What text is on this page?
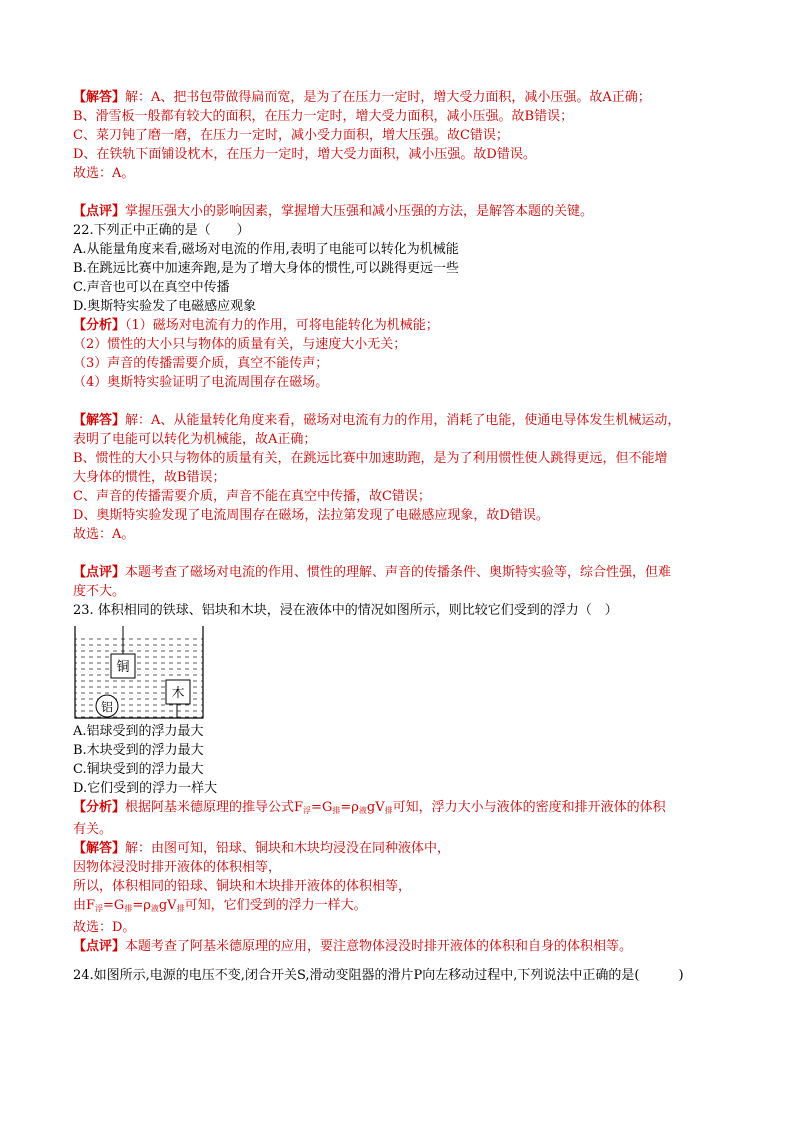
【解答】解：A、把书包带做得扁而宽，是为了在压力一定时，增大受力面积，减小压强。故A正确；
B、滑雪板一般都有较大的面积，在压力一定时，增大受力面积，减小压强。故B错误；
C、菜刀钝了磨一磨，在压力一定时，减小受力面积，增大压强。故C错误；
D、在铁轨下面铺设枕木，在压力一定时，增大受力面积，减小压强。故D错误。
故选：A。
【点评】掌握压强大小的影响因素，掌握增大压强和减小压强的方法，是解答本题的关键。
22.下列正中正确的是（　　）
A.从能量角度来看,磁场对电流的作用,表明了电能可以转化为机械能
B.在跳远比赛中加速奔跑,是为了增大身体的惯性,可以跳得更远一些
C.声音也可以在真空中传播
D.奥斯特实验发了电磁感应观象
【分析】（1）磁场对电流有力的作用，可将电能转化为机械能；
（2）惯性的大小只与物体的质量有关，与速度大小无关；
（3）声音的传播需要介质，真空不能传声；
（4）奥斯特实验证明了电流周围存在磁场。
【解答】解：A、从能量转化角度来看，磁场对电流有力的作用，消耗了电能，使通电导体发生机械运动，
表明了电能可以转化为机械能，故A正确；
B、惯性的大小只与物体的质量有关，在跳远比赛中加速助跑，是为了利用惯性使人跳得更远，但不能增
大身体的惯性，故B错误；
C、声音的传播需要介质，声音不能在真空中传播，故C错误；
D、奥斯特实验发现了电流周围存在磁场，法拉第发现了电磁感应现象，故D错误。
故选：A。
【点评】本题考查了磁场对电流的作用、惯性的理解、声音的传播条件、奥斯特实验等，综合性强，但难
度不大。
23. 体积相同的铁球、铝块和木块，浸在液体中的情况如图所示，则比较它们受到的浮力（　）
铜
木
铝
A.铝球受到的浮力最大
B.木块受到的浮力最大
C.铜块受到的浮力最大
D.它们受到的浮力一样大
【分析】根据阿基米德原理的推导公式$F_浮=G_排=\rho_液gV_排$可知，浮力大小与液体的密度和排开液体的体积
有关。
【解答】解：由图可知，铅球、铜块和木块均浸没在同种液体中，
因物体浸没时排开液体的体积相等，
所以，体积相同的铅球、铜块和木块排开液体的体积相等，
由$F_浮=G_排=\rho_液gV_排$可知，它们受到的浮力一样大。
故选：D。
【点评】本题考查了阿基米德原理的应用，要注意物体浸没时排开液体的体积和自身的体积相等。
24.如图所示,电源的电压不变,闭合开关S,滑动变阻器的滑片P向左移动过程中,下列说法中正确的是(　　　)
